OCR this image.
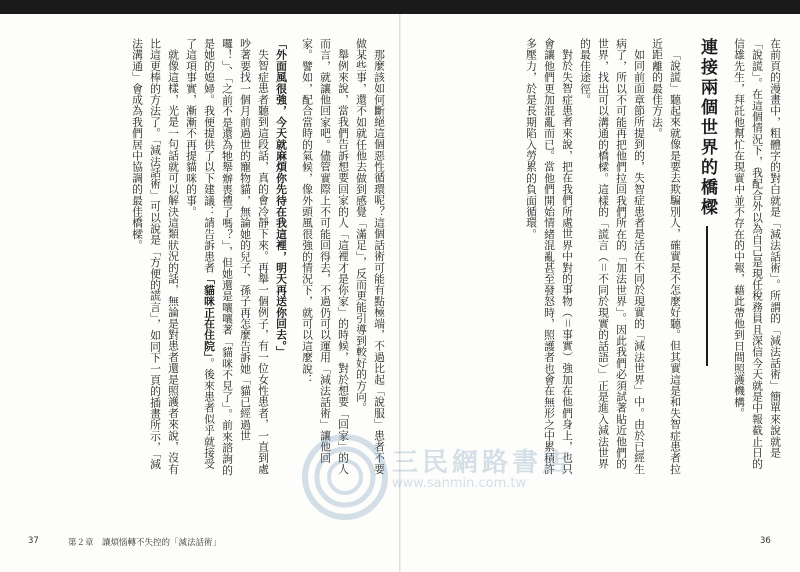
在前頁的漫畫中，粗體字的對白就是「減法話術」。所謂的「減法話術」簡單來說就是「說謊」。在這個情況下，我配合外以為自己是現任稅務員且深信今天就是中報截止日的信雄先生，拜託他幫忙在現實中並不存在的中報，藉此帶他到日間照護機構。

連接兩個世界的橋樑

「說謊」聽起來就像是要去欺騙別人，確實是不怎麼好聽。但其實這是和失智症患者拉近距離的最佳方法。

如同前面章節所提到的，失智症患者是活在不同於現實的「減法世界」中。由於已經生病了，所以不可能再把他們拉回我們所在的「加法世界」。因此我們必須試著貼近他們的世界，找出可以溝通的橋樑。這樣的「謊言（＝不同於現實的話語）」正是進入減法世界的最佳途徑。

對於失智症患者來說，把在我們所處世界中對的事物（＝事實）強加在他們身上，也只會讓他們更加混亂而已。當他們開始情緒混亂甚至發怒時，照護者也會在無形之中累積許多壓力，於是長期陷入勞累的負面循環。

那麼該如何斷絕這個惡性循環呢？這個話術可能有點極端，不過比起「說服」患者不要做某些事，還不如就任他去做到感覺「滿足」，反而更能引導到較好的方向。

舉例來說，當我們告訴想要回家的人「這裡才是你家」的時候，對於想要「回家」的人而言，就讓他回家吧。儘管實際上不可能回得去，不過仍可以運用「減法話術」讓他回家。譬如，配合當時的氣候，像外頭風很強的情況下，就可以這麼說：

「外面風很強，今天就麻煩你先待在我這裡，明天再送你回去。」

失智症患者聽到這段話，真的會冷靜下來。再舉一個例子，有一位女性患者，一直到處吵著要找一個月前過世的寵物貓，無論她的兒子、孫子再怎麼告訴她「貓已經過世囉！」、「之前不是還為牠舉辦喪禮了嗎？」，但她還是嚷嚷著「貓咪不見了」。前來諮詢的是她的媳婦。我便提供了以下建議：請告訴患者「貓咪正在住院」。後來患者似乎就接受了這項事實，漸漸不再提貓咪的事。

就像這樣，光是一句話就可以解決這類狀況的話，無論是對患者還是照護者來說，沒有比這更棒的方法了。「減法話術」可以說是「方便的謊言」，如同下一頁的插畫所示，「減法溝通」會成為我們居中協調的最佳橋樑。

三民網路書店
www.sanmin.com.tw
37	第２章　讓煩惱轉不失控的「減法話術」	36
